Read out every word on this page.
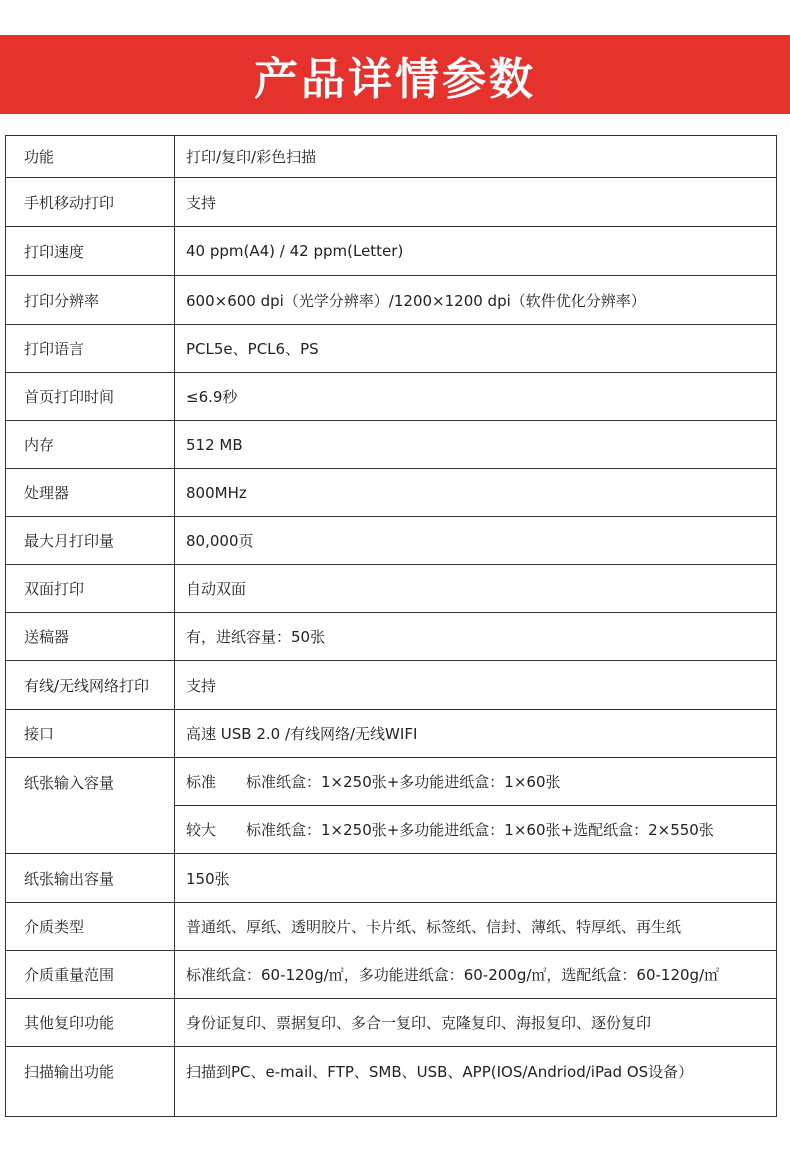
产品详情参数
功能	打印/复印/彩色扫描
手机移动打印	支持
打印速度	40 ppm(A4) / 42 ppm(Letter)
打印分辨率	600×600 dpi（光学分辨率）/1200×1200 dpi（软件优化分辨率）
打印语言	PCL5e、PCL6、PS
首页打印时间	≤6.9秒
内存	512 MB
处理器	800MHz
最大月打印量	80,000页
双面打印	自动双面
送稿器	有，进纸容量：50张
有线/无线网络打印	支持
接口	高速 USB 2.0 /有线网络/无线WIFI
纸张输入容量	标准 标准纸盒：1×250张+多功能进纸盒：1×60张
	较大 标准纸盒：1×250张+多功能进纸盒：1×60张+选配纸盒：2×550张
纸张输出容量	150张
介质类型	普通纸、厚纸、透明胶片、卡片纸、标签纸、信封、薄纸、特厚纸、再生纸
介质重量范围	标准纸盒：60-120g/㎡，多功能进纸盒：60-200g/㎡，选配纸盒：60-120g/㎡
其他复印功能	身份证复印、票据复印、多合一复印、克隆复印、海报复印、逐份复印
扫描输出功能	扫描到PC、e-mail、FTP、SMB、USB、APP(IOS/Andriod/iPad OS设备）
